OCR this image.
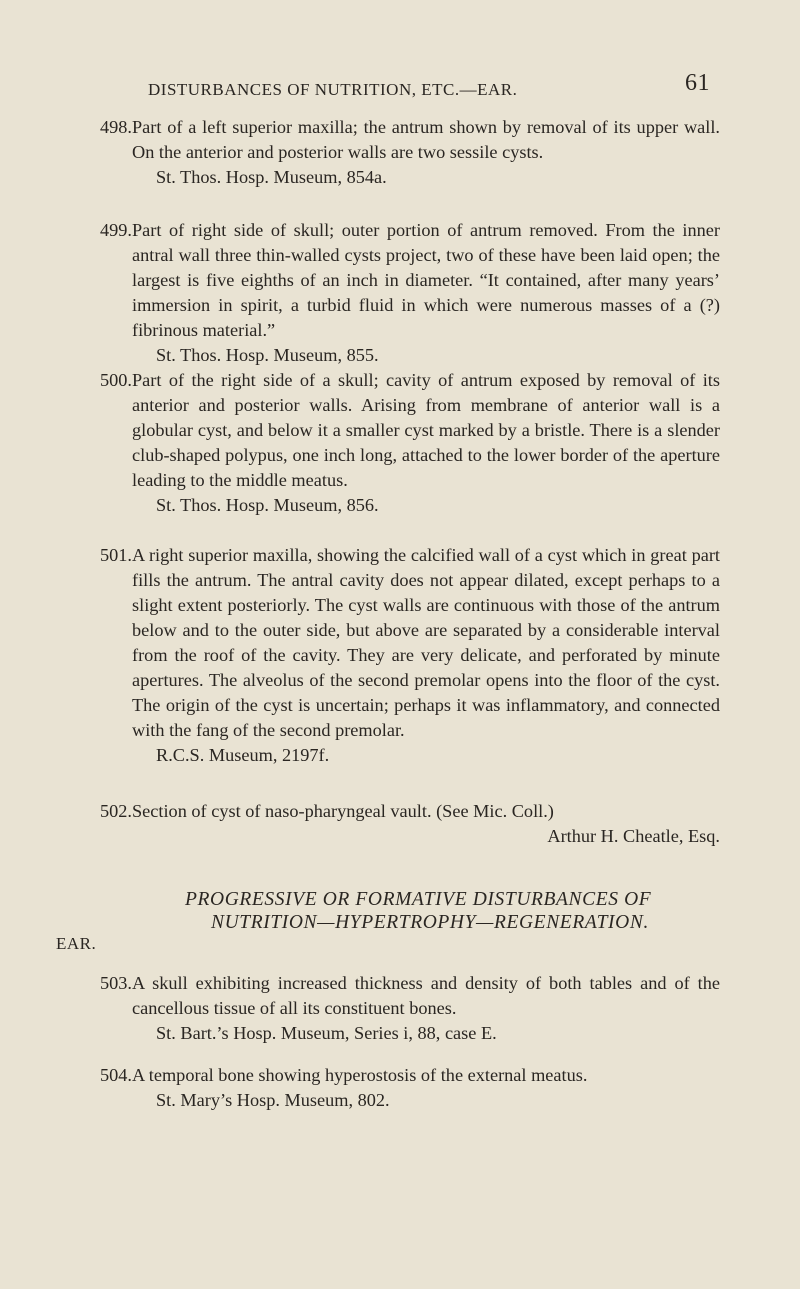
DISTURBANCES OF NUTRITION, ETC.—EAR.	61
498. Part of a left superior maxilla; the antrum shown by removal of its upper wall. On the anterior and posterior walls are two sessile cysts.
St. Thos. Hosp. Museum, 854a.
499. Part of right side of skull; outer portion of antrum removed. From the inner antral wall three thin-walled cysts project, two of these have been laid open; the largest is five eighths of an inch in diameter. “It contained, after many years’ immersion in spirit, a turbid fluid in which were numerous masses of a (?) fibrinous material.”
St. Thos. Hosp. Museum, 855.
500. Part of the right side of a skull; cavity of antrum exposed by removal of its anterior and posterior walls. Arising from membrane of anterior wall is a globular cyst, and below it a smaller cyst marked by a bristle. There is a slender club-shaped polypus, one inch long, attached to the lower border of the aperture leading to the middle meatus.
St. Thos. Hosp. Museum, 856.
501. A right superior maxilla, showing the calcified wall of a cyst which in great part fills the antrum. The antral cavity does not appear dilated, except perhaps to a slight extent posteriorly. The cyst walls are continuous with those of the antrum below and to the outer side, but above are separated by a considerable interval from the roof of the cavity. They are very delicate, and perforated by minute apertures. The alveolus of the second premolar opens into the floor of the cyst. The origin of the cyst is uncertain; perhaps it was inflammatory, and connected with the fang of the second premolar.
R.C.S. Museum, 2197f.
502. Section of cyst of naso-pharyngeal vault. (See Mic. Coll.)
Arthur H. Cheatle, Esq.
PROGRESSIVE OR FORMATIVE DISTURBANCES OF
NUTRITION—HYPERTROPHY—REGENERATION.
EAR.
503. A skull exhibiting increased thickness and density of both tables and of the cancellous tissue of all its constituent bones.
St. Bart.’s Hosp. Museum, Series i, 88, case E.
504. A temporal bone showing hyperostosis of the external meatus.
St. Mary’s Hosp. Museum, 802.
